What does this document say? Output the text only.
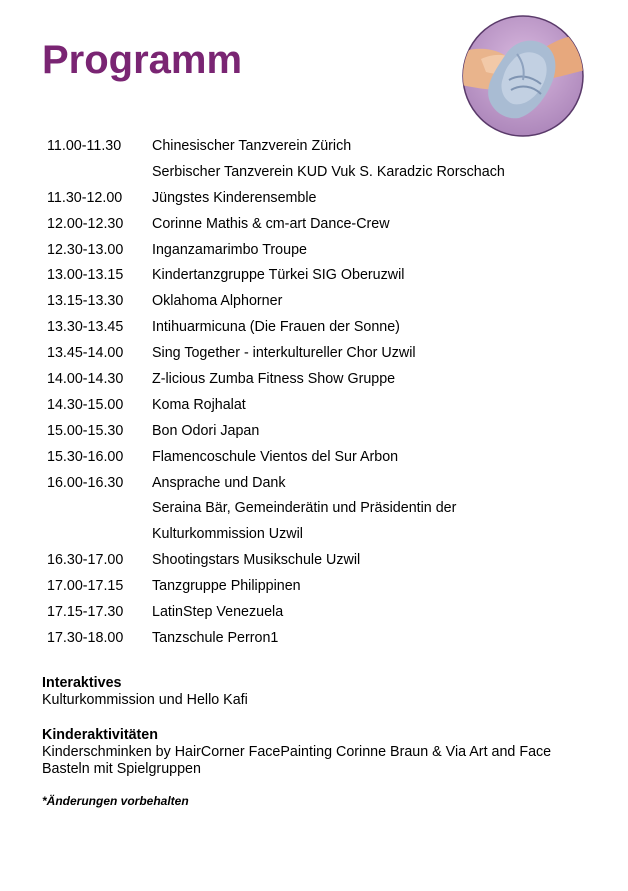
Programm
11.00-11.30 Chinesischer Tanzverein Zürich
Serbischer Tanzverein KUD Vuk S. Karadzic Rorschach
11.30-12.00 Jüngstes Kinderensemble
12.00-12.30 Corinne Mathis & cm-art Dance-Crew
12.30-13.00 Inganzamarimbo Troupe
13.00-13.15 Kindertanzgruppe Türkei SIG Oberuzwil
13.15-13.30 Oklahoma Alphorner
13.30-13.45 Intihuarmicuna (Die Frauen der Sonne)
13.45-14.00 Sing Together - interkultureller Chor Uzwil
14.00-14.30 Z-licious Zumba Fitness Show Gruppe
14.30-15.00 Koma Rojhalat
15.00-15.30 Bon Odori Japan
15.30-16.00 Flamencoschule Vientos del Sur Arbon
16.00-16.30 Ansprache und Dank
Seraina Bär, Gemeinderätin und Präsidentin der
Kulturkommission Uzwil
16.30-17.00 Shootingstars Musikschule Uzwil
17.00-17.15 Tanzgruppe Philippinen
17.15-17.30 LatinStep Venezuela
17.30-18.00 Tanzschule Perron1
Interaktives
Kulturkommission und Hello Kafi
Kinderaktivitäten
Kinderschminken by HairCorner FacePainting Corinne Braun & Via Art and Face
Basteln mit Spielgruppen
*Änderungen vorbehalten
